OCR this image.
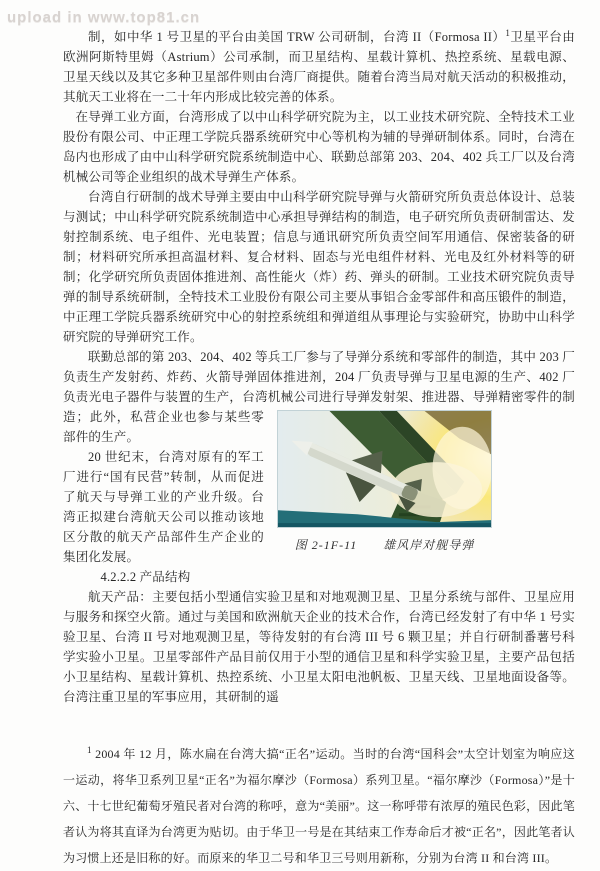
upload in www.top81.cn

制，如中华 1 号卫星的平台由美国 TRW 公司研制，台湾 II（Formosa II）$^1$卫星平台由欧洲阿斯特里姆（Astrium）公司承制，而卫星结构、星载计算机、热控系统、星载电源、卫星天线以及其它多种卫星部件则由台湾厂商提供。随着台湾当局对航天活动的积极推动，其航天工业将在一二十年内形成比较完善的体系。

在导弹工业方面，台湾形成了以中山科学研究院为主，以工业技术研究院、全特技术工业股份有限公司、中正理工学院兵器系统研究中心等机构为辅的导弹研制体系。同时，台湾在岛内也形成了由中山科学研究院系统制造中心、联勤总部第 203、204、402 兵工厂以及台湾机械公司等企业组织的战术导弹生产体系。

台湾自行研制的战术导弹主要由中山科学研究院导弹与火箭研究所负责总体设计、总装与测试；中山科学研究院系统制造中心承担导弹结构的制造，电子研究所负责研制雷达、发射控制系统、电子组件、光电装置；信息与通讯研究所负责空间军用通信、保密装备的研制；材料研究所承担高温材料、复合材料、固态与光电组件材料、光电及红外材料等的研制；化学研究所负责固体推进剂、高性能火（炸）药、弹头的研制。工业技术研究院负责导弹的制导系统研制，全特技术工业股份有限公司主要从事铝合金零部件和高压锻件的制造，中正理工学院兵器系统研究中心的射控系统组和弹道组从事理论与实验研究，协助中山科学研究院的导弹研究工作。

联勤总部的第 203、204、402 等兵工厂参与了导弹分系统和零部件的制造，其中 203 厂负责生产发射药、炸药、火箭导弹固体推进剂，204 厂负责导弹与卫星电源的生产、402 厂负责光电子器件与装置的生产，台湾机械公司进行导弹发射架、推进器、导弹精密零件的
图 2-1F-11　　雄风岸对舰导弹
制造；此外，私营企业也参与某些零部件的生产。

20 世纪末，台湾对原有的军工厂进行“国有民营”转制，从而促进了航天与导弹工业的产业升级。台湾正拟建台湾航天公司以推动该地区分散的航天产品部件生产企业的集团化发展。

4.2.2.2 产品结构

航天产品：主要包括小型通信实验卫星和对地观测卫星、卫星分系统与部件、卫星应用与服务和探空火箭。通过与美国和欧洲航天企业的技术合作，台湾已经发射了有中华 1 号实验卫星、台湾 II 号对地观测卫星，等待发射的有台湾 III 号 6 颗卫星；并自行研制番薯号科学实验小卫星。卫星零部件产品目前仅用于小型的通信卫星和科学实验卫星，主要产品包括小卫星结构、星载计算机、热控系统、小卫星太阳电池帆板、卫星天线、卫星地面设备等。台湾注重卫星的军事应用，其研制的遥

$^1$ 2004 年 12 月，陈水扁在台湾大搞“正名”运动。当时的台湾“国科会”太空计划室为响应这一运动，将华卫系列卫星“正名”为福尔摩沙（Formosa）系列卫星。“福尔摩沙（Formosa）”是十六、十七世纪葡萄牙殖民者对台湾的称呼，意为“美丽”。这一称呼带有浓厚的殖民色彩，因此笔者认为将其直译为台湾更为贴切。由于华卫一号是在其结束工作寿命后才被“正名”，因此笔者认为习惯上还是旧称的好。而原来的华卫二号和华卫三号则用新称，分别为台湾 II 和台湾 III。
